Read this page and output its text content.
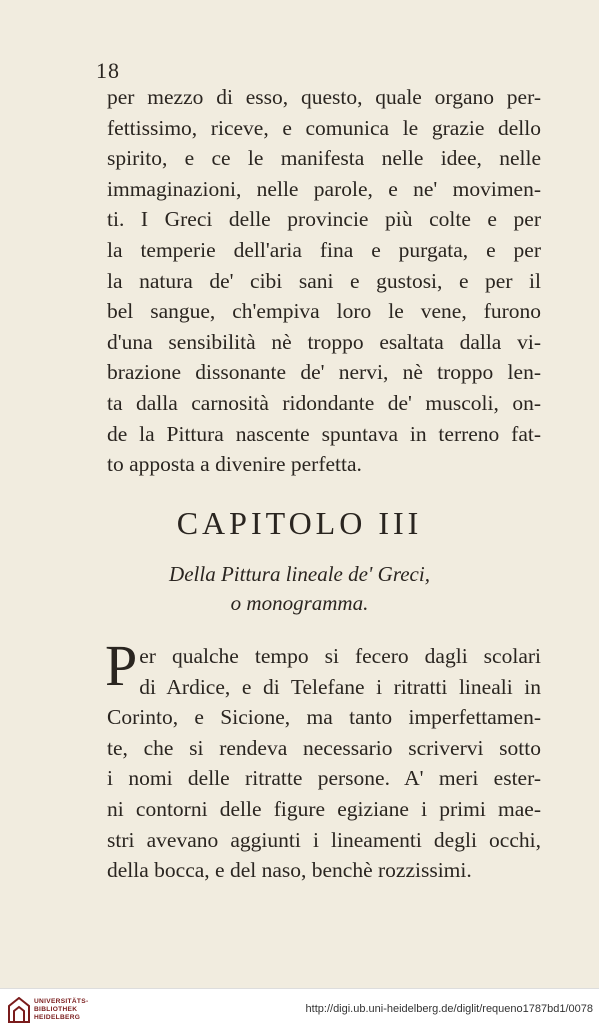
18
per mezzo di esso, questo, quale organo per-
fettissimo, riceve, e comunica le grazie dello
spirito, e ce le manifesta nelle idee, nelle
immaginazioni, nelle parole, e ne' movimen-
ti. I Greci delle provincie più colte e per
la temperie dell'aria fina e purgata, e per
la natura de' cibi sani e gustosi, e per il
bel sangue, ch'empiva loro le vene, furono
d'una sensibilità nè troppo esaltata dalla vi-
brazione dissonante de' nervi, nè troppo len-
ta dalla carnosità ridondante de' muscoli, on-
de la Pittura nascente spuntava in terreno fat-
to apposta a divenire perfetta.
CAPITOLO III
Della Pittura lineale de' Greci,
o monogramma.
P er qualche tempo si fecero dagli scolari
di Ardice, e di Telefane i ritratti lineali in
Corinto, e Sicione, ma tanto imperfettamen-
te, che si rendeva necessario scrivervi sotto
i nomi delle ritratte persone. A' meri ester-
ni contorni delle figure egiziane i primi mae-
stri avevano aggiunti i lineamenti degli occhi,
della bocca, e del naso, benchè rozzissimi.
UNIVERSITÄTS-
BIBLIOTHEK
HEIDELBERG
http://digi.ub.uni-heidelberg.de/diglit/requeno1787bd1/0078
